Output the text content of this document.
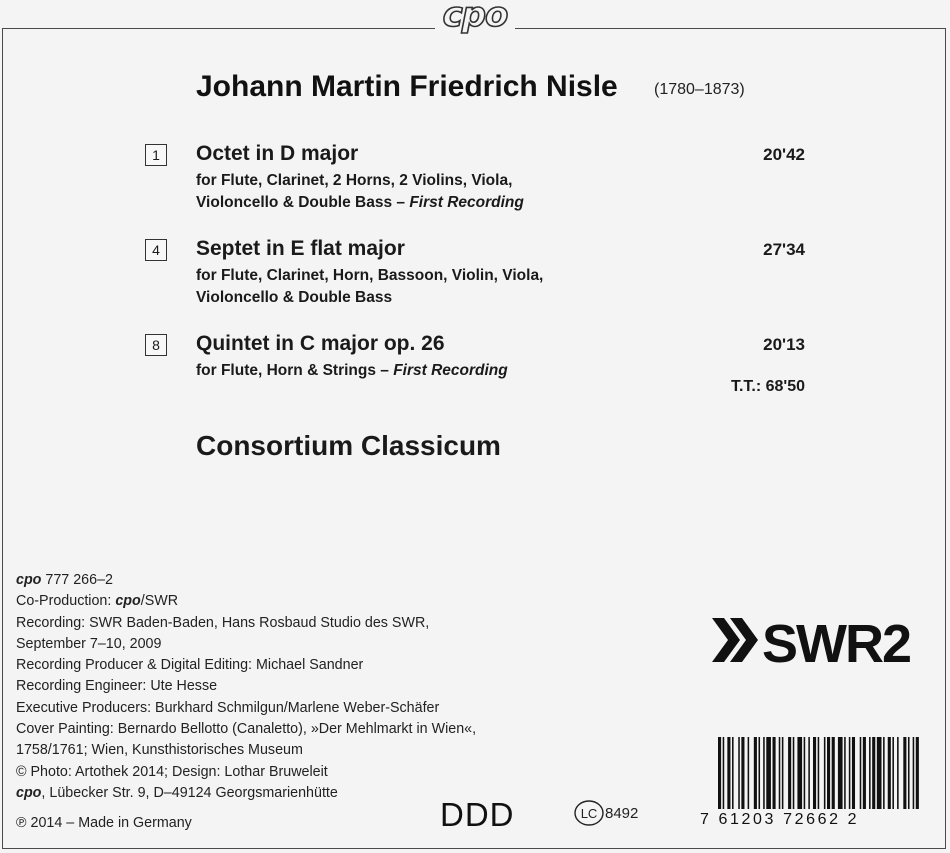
cpo
Johann Martin Friedrich Nisle (1780–1873)
1	Octet in D major	20'42
for Flute, Clarinet, 2 Horns, 2 Violins, Viola,
Violoncello & Double Bass – First Recording
4	Septet in E flat major	27'34
for Flute, Clarinet, Horn, Bassoon, Violin, Viola,
Violoncello & Double Bass
8	Quintet in C major op. 26	20'13
for Flute, Horn & Strings – First Recording
T.T.: 68'50
Consortium Classicum
cpo 777 266–2
Co-Production: cpo/SWR
Recording: SWR Baden-Baden, Hans Rosbaud Studio des SWR,
September 7–10, 2009
Recording Producer & Digital Editing: Michael Sandner
Recording Engineer: Ute Hesse
Executive Producers: Burkhard Schmilgun/Marlene Weber-Schäfer
Cover Painting: Bernardo Bellotto (Canaletto), »Der Mehlmarkt in Wien«,
1758/1761; Wien, Kunsthistorisches Museum
© Photo: Artothek 2014; Design: Lothar Bruweleit
cpo, Lübecker Str. 9, D–49124 Georgsmarienhütte
℗ 2014 – Made in Germany
SWR2
DDD	LC 8492	7 61203 72662 2
